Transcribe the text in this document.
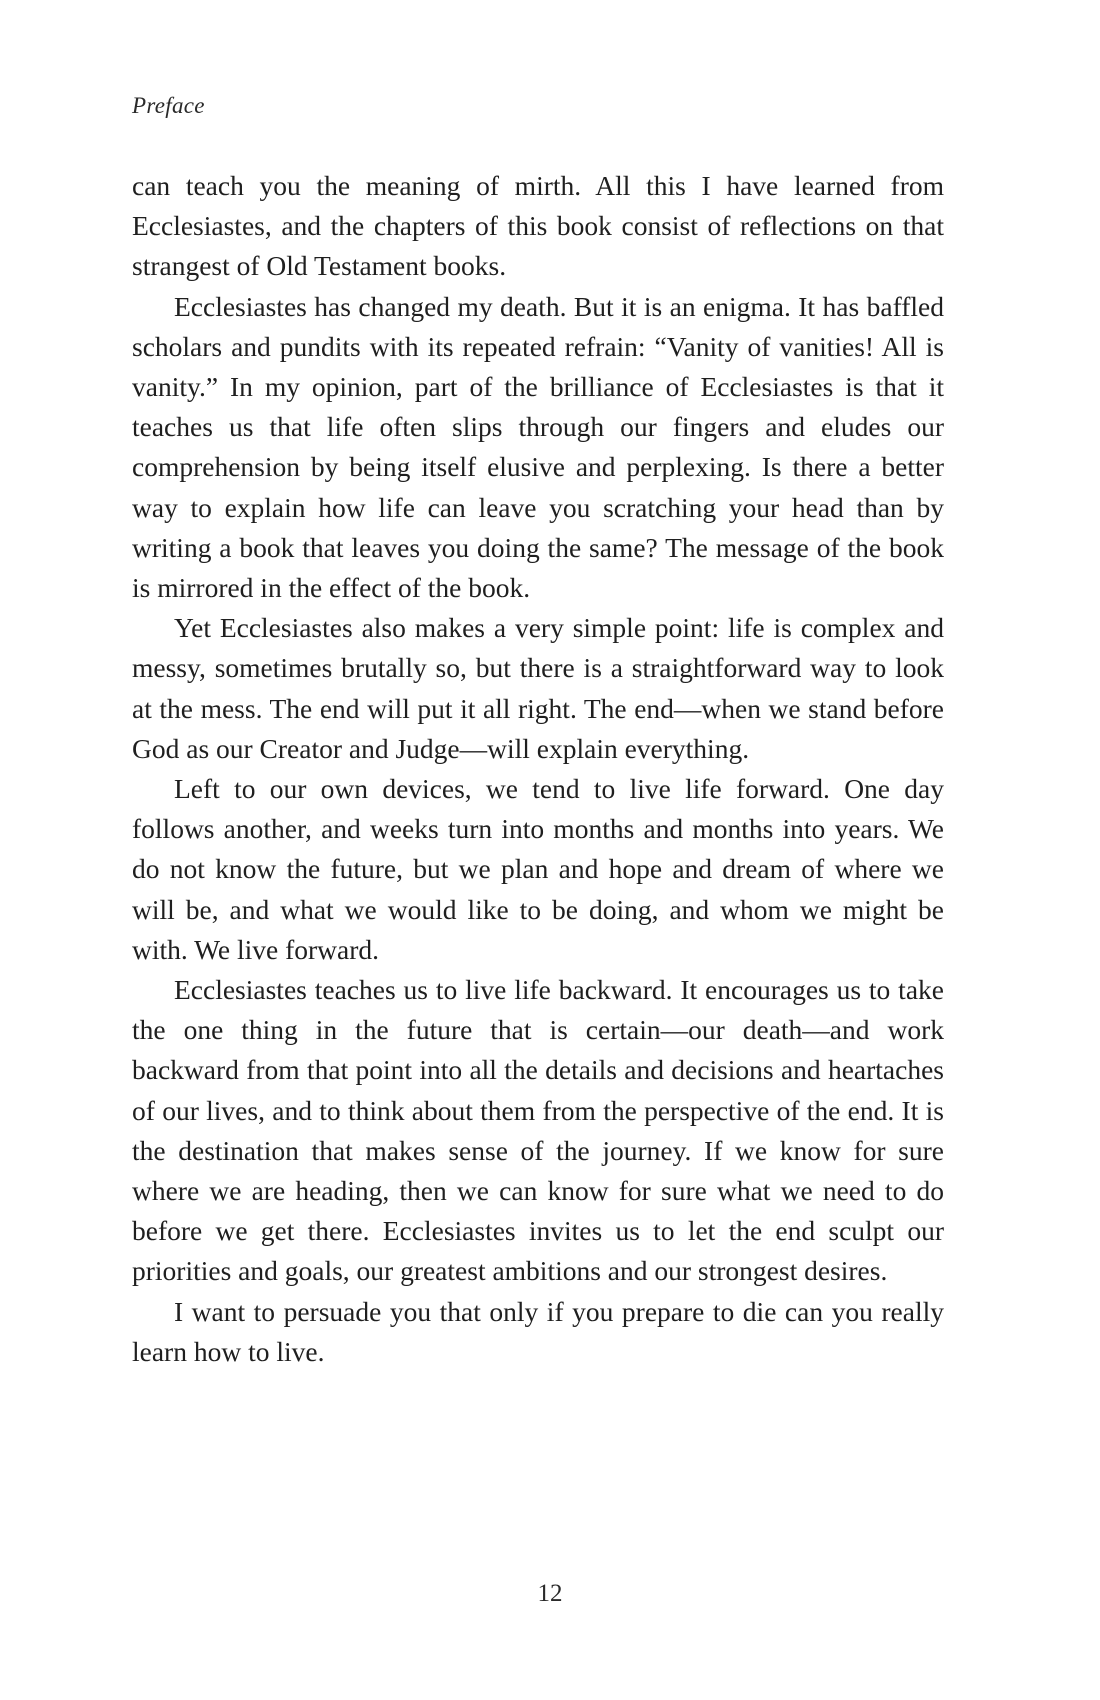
Preface

can teach you the meaning of mirth. All this I have learned from Ecclesiastes, and the chapters of this book consist of reflections on that strangest of Old Testament books.

Ecclesiastes has changed my death. But it is an enigma. It has baffled scholars and pundits with its repeated refrain: “Vanity of vanities! All is vanity.” In my opinion, part of the brilliance of Ecclesiastes is that it teaches us that life often slips through our fingers and eludes our comprehension by being itself elusive and perplexing. Is there a better way to explain how life can leave you scratching your head than by writing a book that leaves you doing the same? The message of the book is mirrored in the effect of the book.

Yet Ecclesiastes also makes a very simple point: life is complex and messy, sometimes brutally so, but there is a straightforward way to look at the mess. The end will put it all right. The end—when we stand before God as our Creator and Judge—will explain everything.

Left to our own devices, we tend to live life forward. One day follows another, and weeks turn into months and months into years. We do not know the future, but we plan and hope and dream of where we will be, and what we would like to be doing, and whom we might be with. We live forward.

Ecclesiastes teaches us to live life backward. It encourages us to take the one thing in the future that is certain—our death—and work backward from that point into all the details and decisions and heartaches of our lives, and to think about them from the perspective of the end. It is the destination that makes sense of the journey. If we know for sure where we are heading, then we can know for sure what we need to do before we get there. Ecclesiastes invites us to let the end sculpt our priorities and goals, our greatest ambitions and our strongest desires.

I want to persuade you that only if you prepare to die can you really learn how to live.

12
